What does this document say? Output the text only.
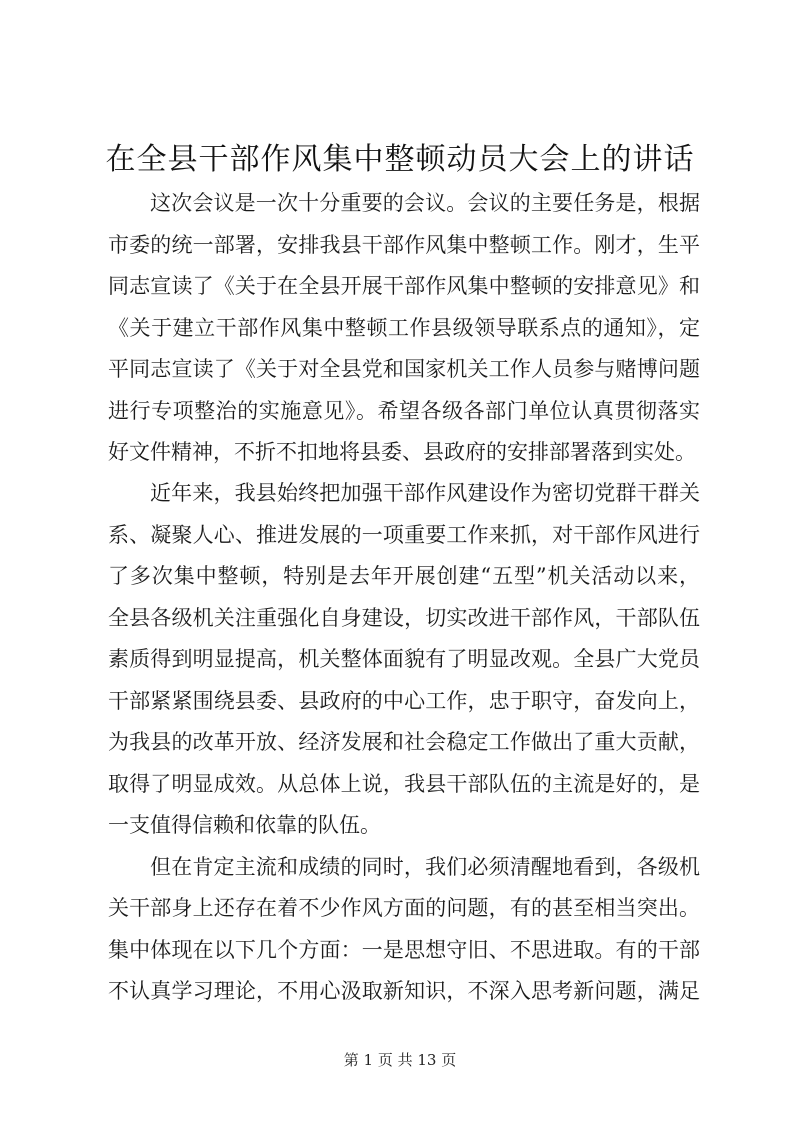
在全县干部作风集中整顿动员大会上的讲话
这次会议是一次十分重要的会议。会议的主要任务是，根据
市委的统一部署，安排我县干部作风集中整顿工作。刚才，生平
同志宣读了《关于在全县开展干部作风集中整顿的安排意见》和
《关于建立干部作风集中整顿工作县级领导联系点的通知》，定
平同志宣读了《关于对全县党和国家机关工作人员参与赌博问题
进行专项整治的实施意见》。希望各级各部门单位认真贯彻落实
好文件精神，不折不扣地将县委、县政府的安排部署落到实处。
近年来，我县始终把加强干部作风建设作为密切党群干群关
系、凝聚人心、推进发展的一项重要工作来抓，对干部作风进行
了多次集中整顿，特别是去年开展创建“五型”机关活动以来，
全县各级机关注重强化自身建设，切实改进干部作风，干部队伍
素质得到明显提高，机关整体面貌有了明显改观。全县广大党员
干部紧紧围绕县委、县政府的中心工作，忠于职守，奋发向上，
为我县的改革开放、经济发展和社会稳定工作做出了重大贡献，
取得了明显成效。从总体上说，我县干部队伍的主流是好的，是
一支值得信赖和依靠的队伍。
但在肯定主流和成绩的同时，我们必须清醒地看到，各级机
关干部身上还存在着不少作风方面的问题，有的甚至相当突出。
集中体现在以下几个方面：一是思想守旧、不思进取。有的干部
不认真学习理论，不用心汲取新知识，不深入思考新问题，满足
第 1 页 共 13 页
